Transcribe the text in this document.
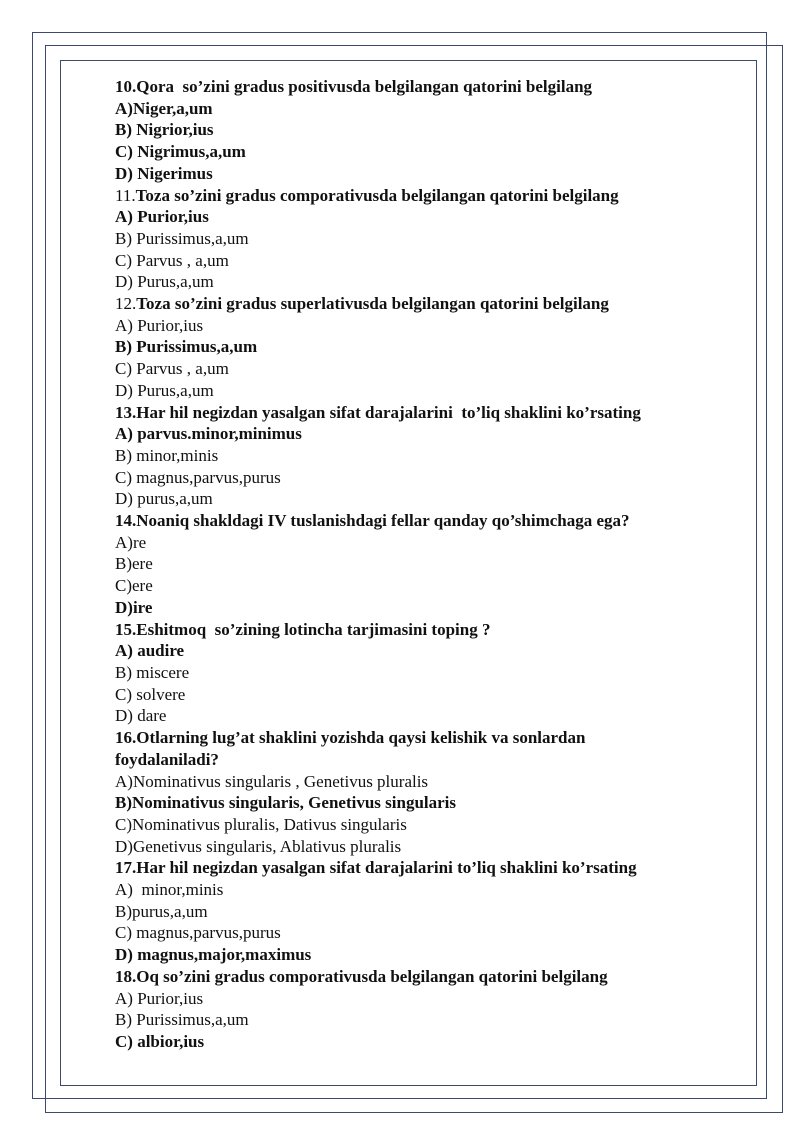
10.Qora  so’zini gradus positivusda belgilangan qatorini belgilang
A)Niger,a,um
B) Nigrior,ius
C) Nigrimus,a,um
D) Nigerimus
11.Toza so’zini gradus comporativusda belgilangan qatorini belgilang
A) Purior,ius
B) Purissimus,a,um
C) Parvus , a,um
D) Purus,a,um
12.Toza so’zini gradus superlativusda belgilangan qatorini belgilang
A) Purior,ius
B) Purissimus,a,um
C) Parvus , a,um
D) Purus,a,um
13.Har hil negizdan yasalgan sifat darajalarini  to’liq shaklini ko’rsating
A) parvus.minor,minimus
B) minor,minis
C) magnus,parvus,purus
D) purus,a,um
14.Noaniq shakldagi IV tuslanishdagi fellar qanday qo’shimchaga ega?
A)re
B)ere
C)ere
D)ire
15.Eshitmoq  so’zining lotincha tarjimasini toping ?
A) audire
B) miscere
C) solvere
D) dare
16.Otlarning lug’at shaklini yozishda qaysi kelishik va sonlardan
foydalaniladi?
A)Nominativus singularis , Genetivus pluralis
B)Nominativus singularis, Genetivus singularis
C)Nominativus pluralis, Dativus singularis
D)Genetivus singularis, Ablativus pluralis
17.Har hil negizdan yasalgan sifat darajalarini to’liq shaklini ko’rsating
A)  minor,minis
B)purus,a,um
C) magnus,parvus,purus
D) magnus,major,maximus
18.Oq so’zini gradus comporativusda belgilangan qatorini belgilang
A) Purior,ius
B) Purissimus,a,um
C) albior,ius
